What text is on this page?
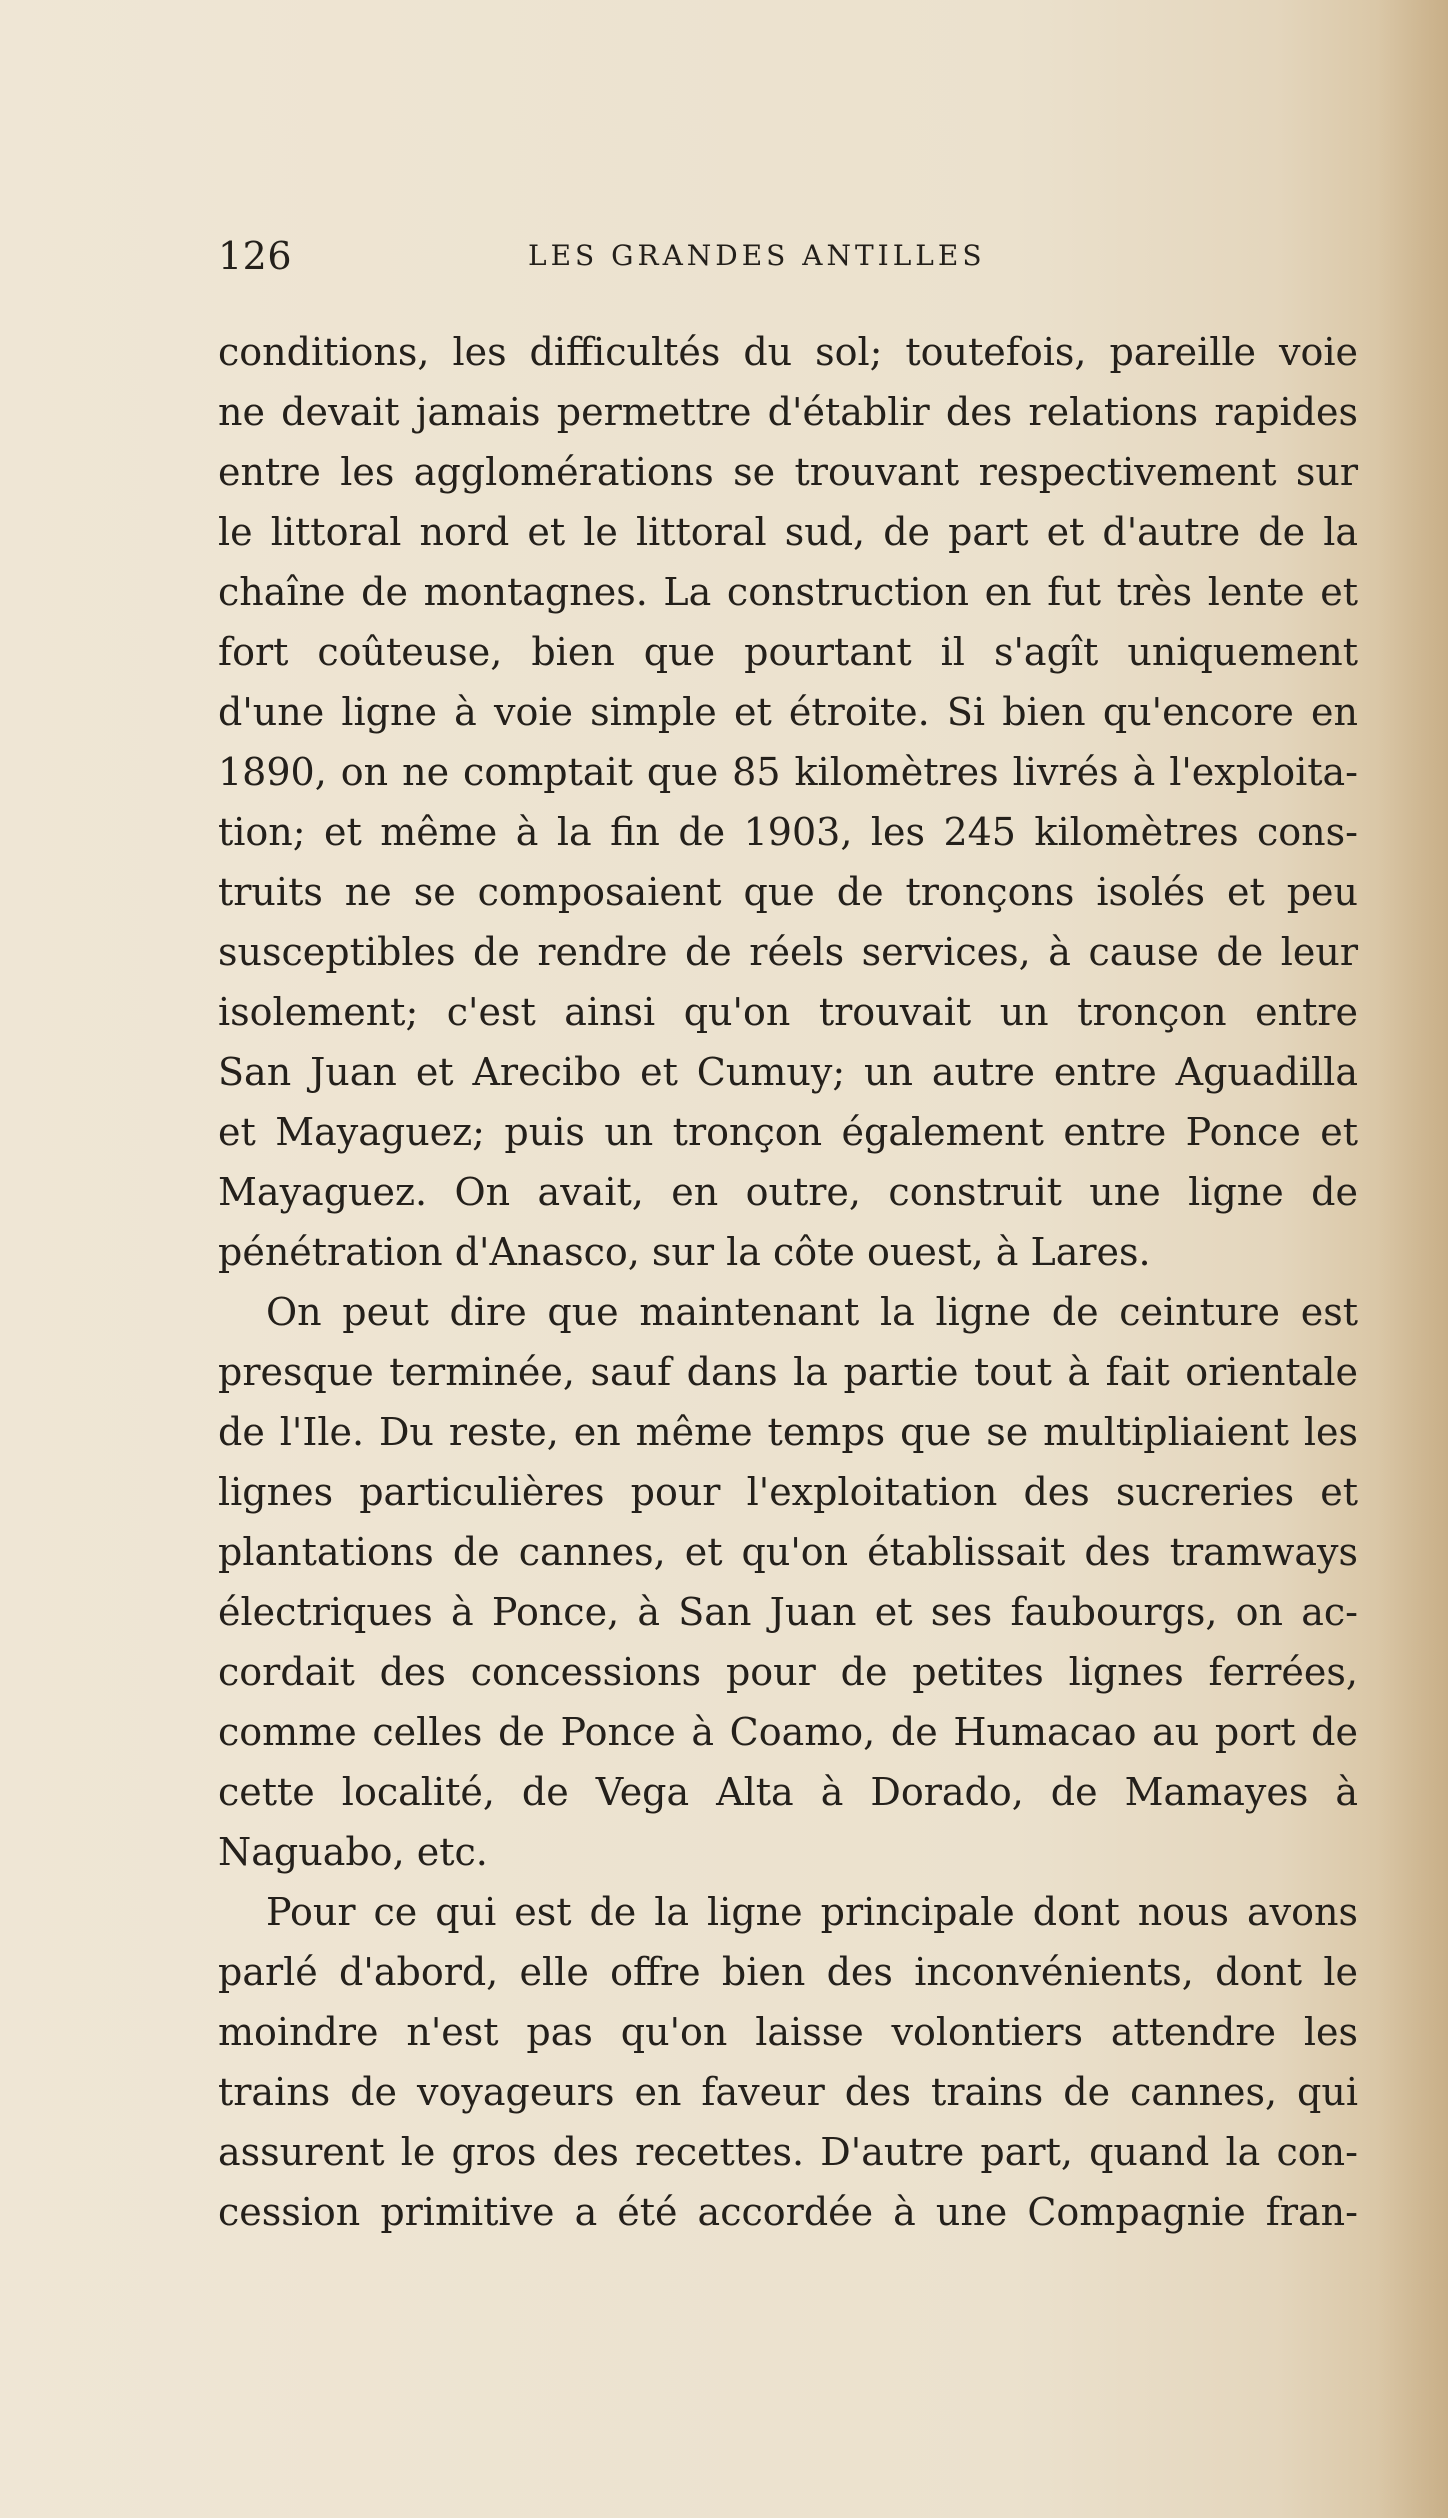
126	LES GRANDES ANTILLES
conditions, les difficultés du sol; toutefois, pareille voie
ne devait jamais permettre d'établir des relations rapides
entre les agglomérations se trouvant respectivement sur
le littoral nord et le littoral sud, de part et d'autre de la
chaîne de montagnes. La construction en fut très lente et
fort coûteuse, bien que pourtant il s'agît uniquement
d'une ligne à voie simple et étroite. Si bien qu'encore en
1890, on ne comptait que 85 kilomètres livrés à l'exploita-
tion; et même à la fin de 1903, les 245 kilomètres cons-
truits ne se composaient que de tronçons isolés et peu
susceptibles de rendre de réels services, à cause de leur
isolement; c'est ainsi qu'on trouvait un tronçon entre
San Juan et Arecibo et Cumuy; un autre entre Aguadilla
et Mayaguez; puis un tronçon également entre Ponce et
Mayaguez. On avait, en outre, construit une ligne de
pénétration d'Anasco, sur la côte ouest, à Lares.
On peut dire que maintenant la ligne de ceinture est
presque terminée, sauf dans la partie tout à fait orientale
de l'Ile. Du reste, en même temps que se multipliaient les
lignes particulières pour l'exploitation des sucreries et
plantations de cannes, et qu'on établissait des tramways
électriques à Ponce, à San Juan et ses faubourgs, on ac-
cordait des concessions pour de petites lignes ferrées,
comme celles de Ponce à Coamo, de Humacao au port de
cette localité, de Vega Alta à Dorado, de Mamayes à
Naguabo, etc.
Pour ce qui est de la ligne principale dont nous avons
parlé d'abord, elle offre bien des inconvénients, dont le
moindre n'est pas qu'on laisse volontiers attendre les
trains de voyageurs en faveur des trains de cannes, qui
assurent le gros des recettes. D'autre part, quand la con-
cession primitive a été accordée à une Compagnie fran-
